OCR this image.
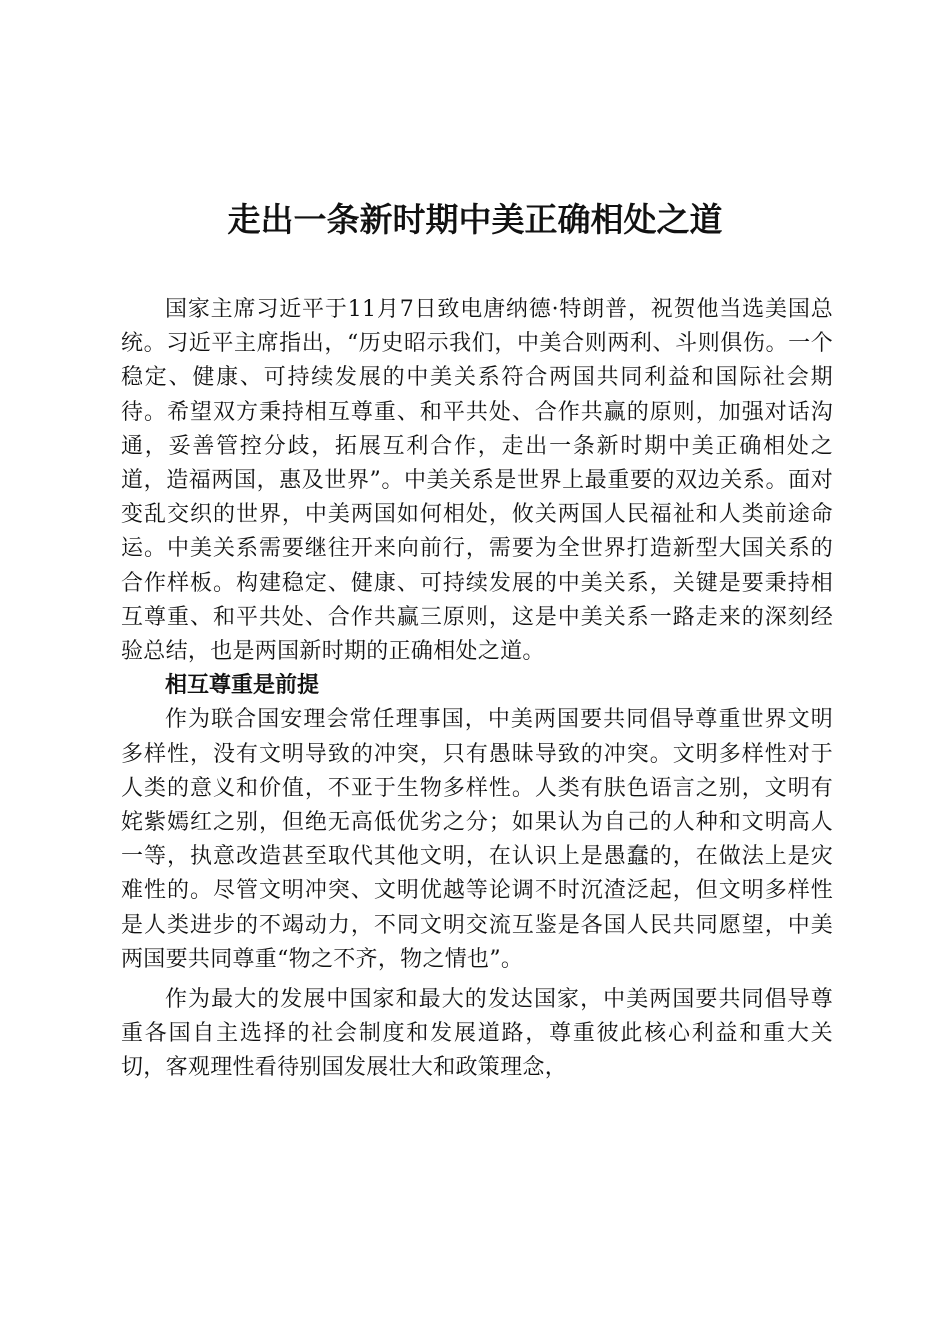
走出一条新时期中美正确相处之道

国家主席习近平于11月7日致电唐纳德·特朗普，祝贺他当选美国总统。习近平主席指出，“历史昭示我们，中美合则两利、斗则俱伤。一个稳定、健康、可持续发展的中美关系符合两国共同利益和国际社会期待。希望双方秉持相互尊重、和平共处、合作共赢的原则，加强对话沟通，妥善管控分歧，拓展互利合作，走出一条新时期中美正确相处之道，造福两国，惠及世界”。中美关系是世界上最重要的双边关系。面对变乱交织的世界，中美两国如何相处，攸关两国人民福祉和人类前途命运。中美关系需要继往开来向前行，需要为全世界打造新型大国关系的合作样板。构建稳定、健康、可持续发展的中美关系，关键是要秉持相互尊重、和平共处、合作共赢三原则，这是中美关系一路走来的深刻经验总结，也是两国新时期的正确相处之道。

相互尊重是前提

作为联合国安理会常任理事国，中美两国要共同倡导尊重世界文明多样性，没有文明导致的冲突，只有愚昧导致的冲突。文明多样性对于人类的意义和价值，不亚于生物多样性。人类有肤色语言之别，文明有姹紫嫣红之别，但绝无高低优劣之分；如果认为自己的人种和文明高人一等，执意改造甚至取代其他文明，在认识上是愚蠢的，在做法上是灾难性的。尽管文明冲突、文明优越等论调不时沉渣泛起，但文明多样性是人类进步的不竭动力，不同文明交流互鉴是各国人民共同愿望，中美两国要共同尊重“物之不齐，物之情也”。

作为最大的发展中国家和最大的发达国家，中美两国要共同倡导尊重各国自主选择的社会制度和发展道路，尊重彼此核心利益和重大关切，客观理性看待别国发展壮大和政策理念，
